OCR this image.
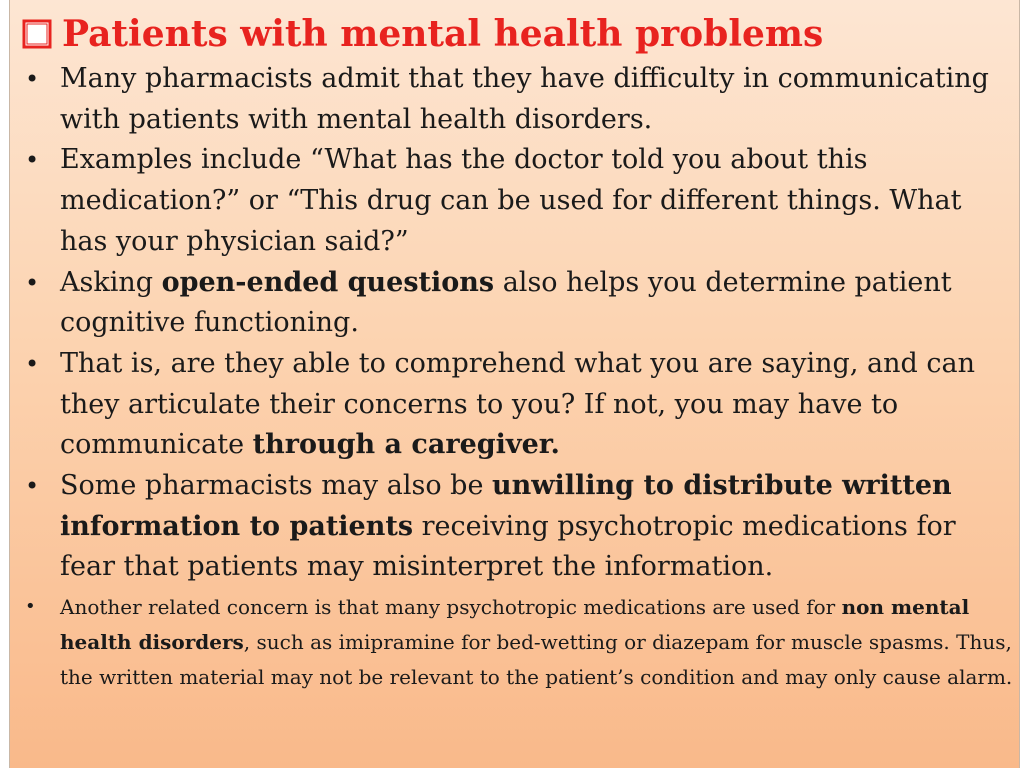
Patients with mental health problems
• Many pharmacists admit that they have difficulty in communicating with patients with mental health disorders.
• Examples include “What has the doctor told you about this medication?” or “This drug can be used for different things. What has your physician said?”
• Asking open-ended questions also helps you determine patient cognitive functioning.
• That is, are they able to comprehend what you are saying, and can they articulate their concerns to you? If not, you may have to communicate through a caregiver.
• Some pharmacists may also be unwilling to distribute written information to patients receiving psychotropic medications for fear that patients may misinterpret the information.
• Another related concern is that many psychotropic medications are used for non mental health disorders, such as imipramine for bed-wetting or diazepam for muscle spasms. Thus, the written material may not be relevant to the patient’s condition and may only cause alarm.
